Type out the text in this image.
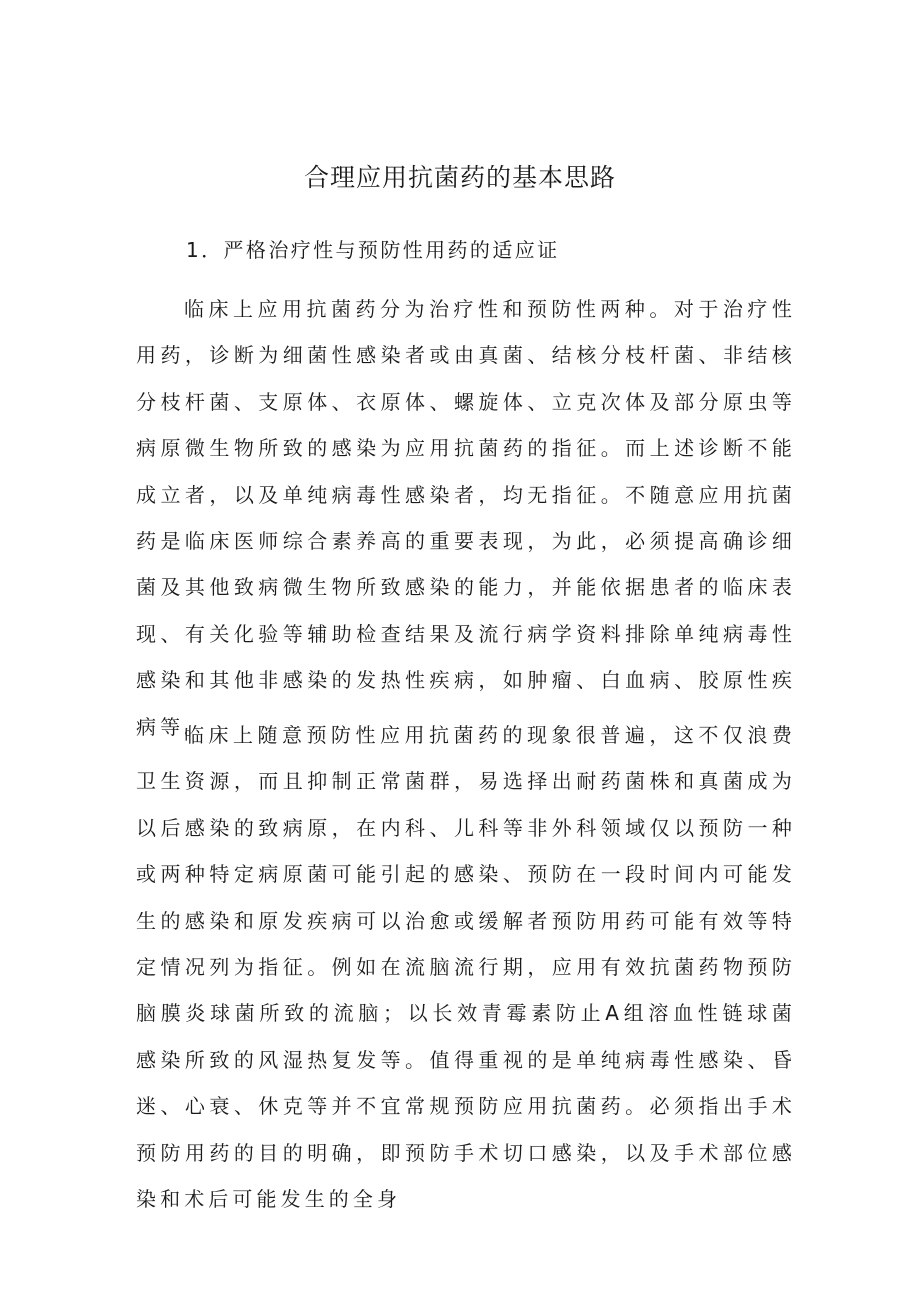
合理应用抗菌药的基本思路

1．严格治疗性与预防性用药的适应证

临床上应用抗菌药分为治疗性和预防性两种。对于治疗性用药，诊断为细菌性感染者或由真菌、结核分枝杆菌、非结核分枝杆菌、支原体、衣原体、螺旋体、立克次体及部分原虫等病原微生物所致的感染为应用抗菌药的指征。而上述诊断不能成立者，以及单纯病毒性感染者，均无指征。不随意应用抗菌药是临床医师综合素养高的重要表现，为此，必须提高确诊细菌及其他致病微生物所致感染的能力，并能依据患者的临床表现、有关化验等辅助检查结果及流行病学资料排除单纯病毒性感染和其他非感染的发热性疾病，如肿瘤、白血病、胶原性疾病等。

临床上随意预防性应用抗菌药的现象很普遍，这不仅浪费卫生资源，而且抑制正常菌群，易选择出耐药菌株和真菌成为以后感染的致病原，在内科、儿科等非外科领域仅以预防一种或两种特定病原菌可能引起的感染、预防在一段时间内可能发生的感染和原发疾病可以治愈或缓解者预防用药可能有效等特定情况列为指征。例如在流脑流行期，应用有效抗菌药物预防脑膜炎球菌所致的流脑；以长效青霉素防止A组溶血性链球菌感染所致的风湿热复发等。值得重视的是单纯病毒性感染、昏迷、心衰、休克等并不宜常规预防应用抗菌药。必须指出手术预防用药的目的明确，即预防手术切口感染，以及手术部位感染和术后可能发生的全身
